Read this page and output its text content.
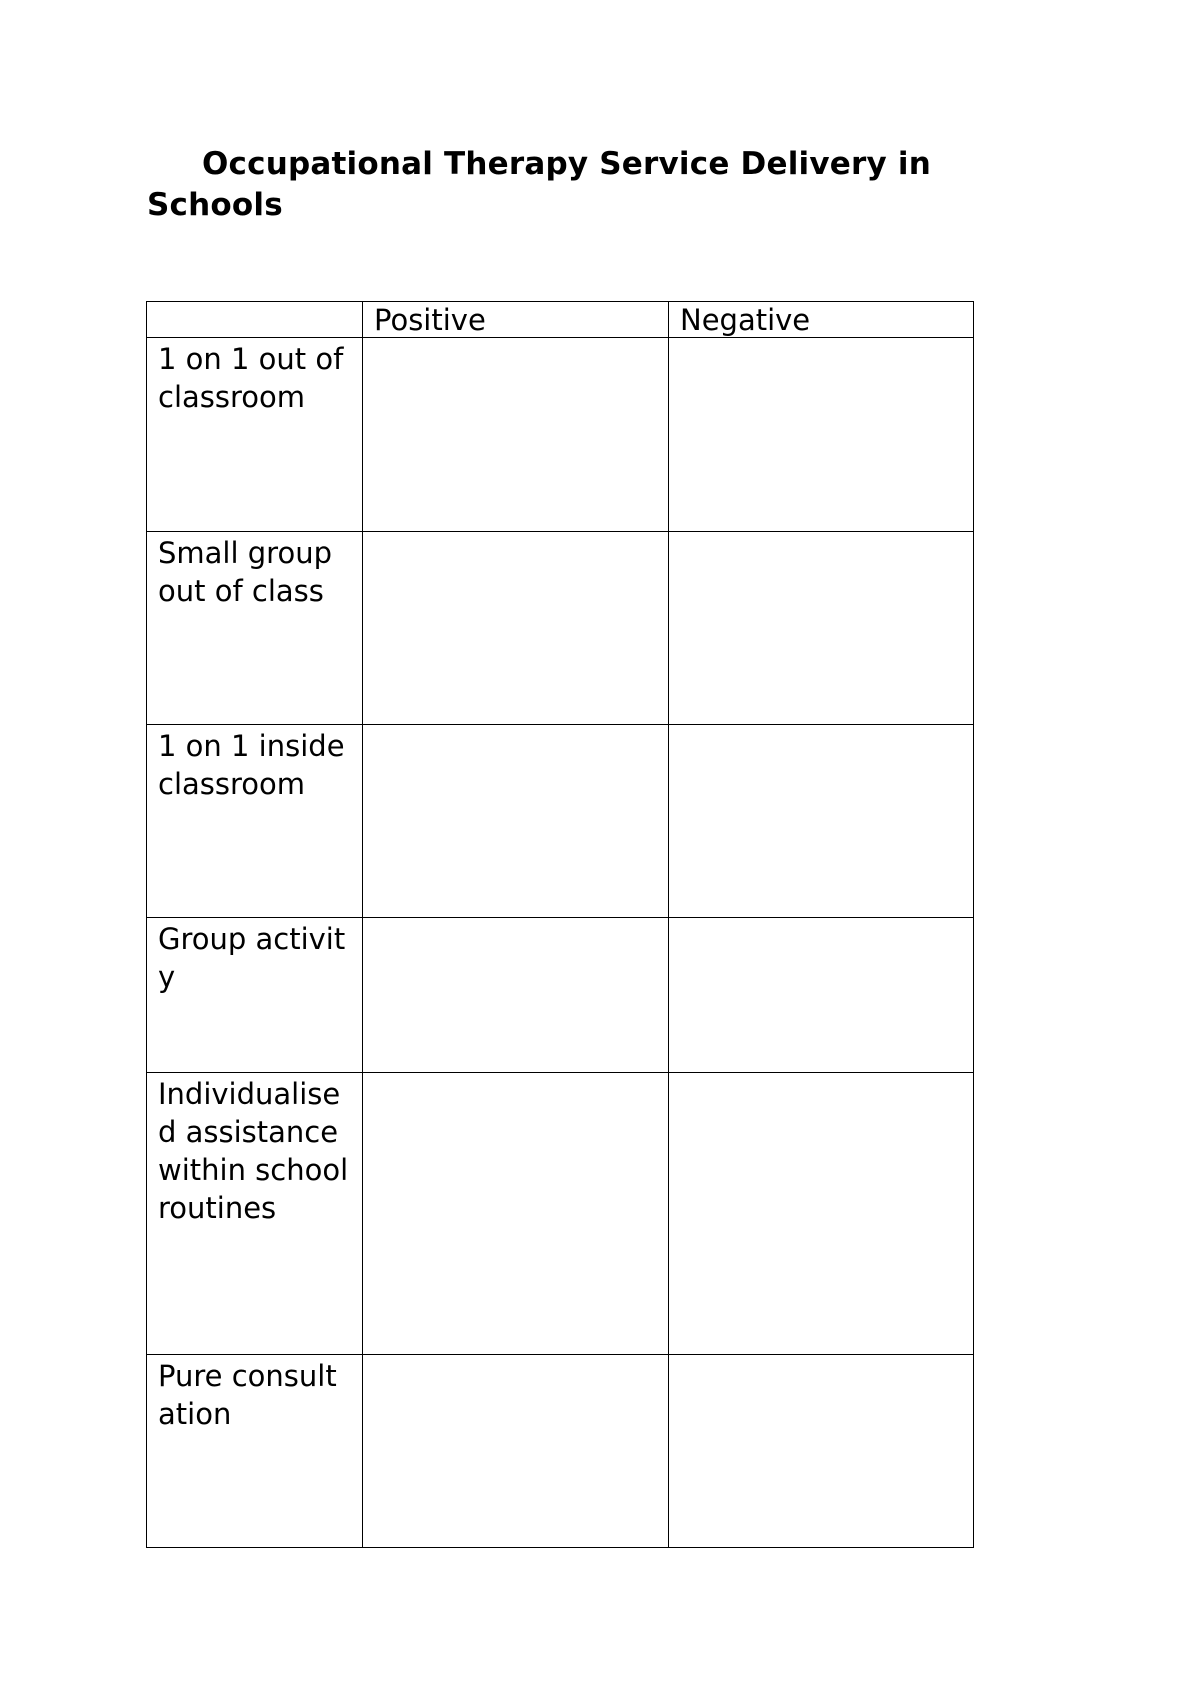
Occupational Therapy Service Delivery in Schools
	Positive	Negative
1 on 1 out of classroom		
Small group out of class		
1 on 1 inside classroom		
Group activity		
Individualised assistance within school routines		
Pure consultation		
